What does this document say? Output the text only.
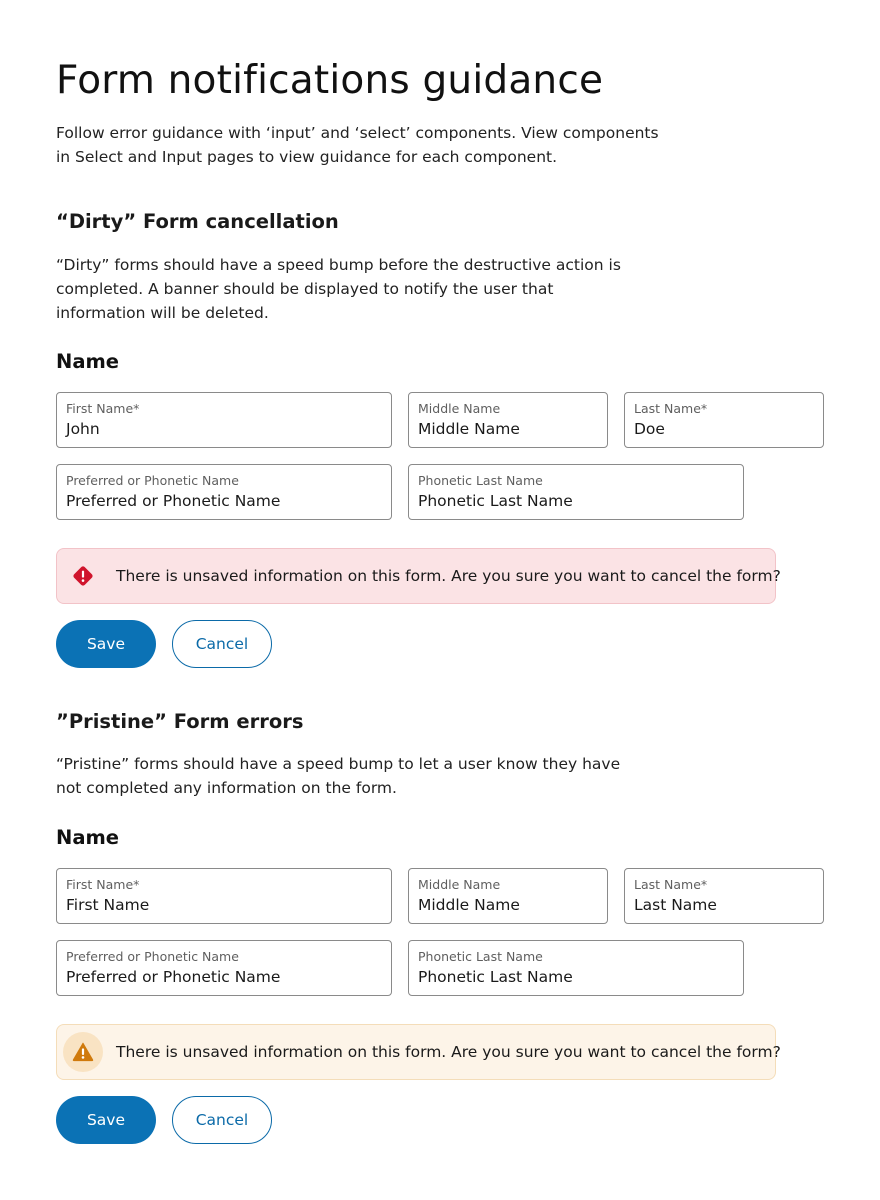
Form notifications guidance

Follow error guidance with ‘input’ and ‘select’ components. View components in Select and Input pages to view guidance for each component.

“Dirty” Form cancellation

“Dirty” forms should have a speed bump before the destructive action is completed. A banner should be displayed to notify the user that information will be deleted.

Name
First Name*
John
Middle Name
Middle Name
Last Name*
Doe
Preferred or Phonetic Name
Preferred or Phonetic Name
Phonetic Last Name
Phonetic Last Name
There is unsaved information on this form. Are you sure you want to cancel the form?
Save	Cancel
”Pristine” Form errors

“Pristine” forms should have a speed bump to let a user know they have not completed any information on the form.

Name
First Name*
First Name
Middle Name
Middle Name
Last Name*
Last Name
Preferred or Phonetic Name
Preferred or Phonetic Name
Phonetic Last Name
Phonetic Last Name
There is unsaved information on this form. Are you sure you want to cancel the form?
Save	Cancel
